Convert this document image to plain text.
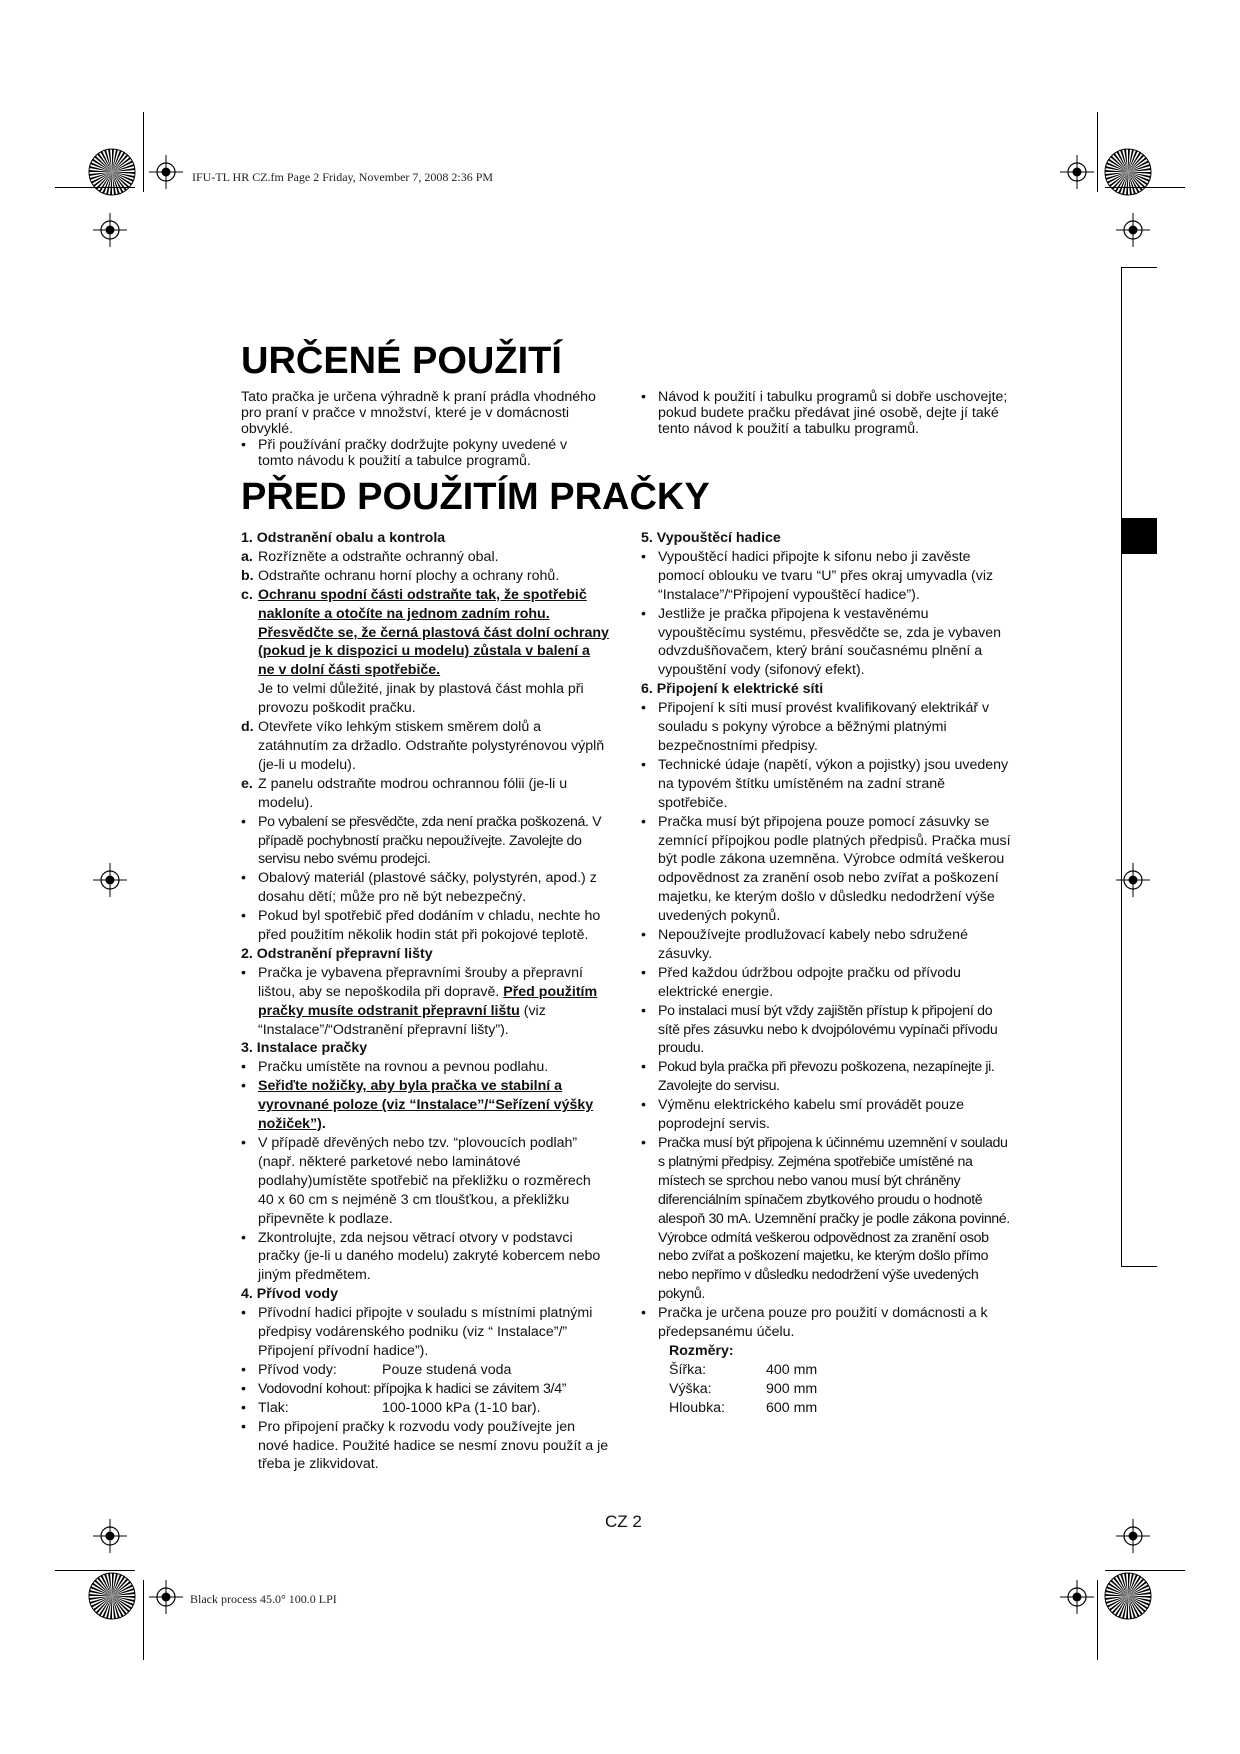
IFU-TL HR CZ.fm Page 2 Friday, November 7, 2008 2:36 PM
Black process 45.0° 100.0 LPI
URČENÉ POUŽITÍ

Tato pračka je určena výhradně k praní prádla vhodného pro praní v pračce v množství, které je v domácnosti obvyklé.

• Při používání pračky dodržujte pokyny uvedené v tomto návodu k použití a tabulce programů.

• Návod k použití i tabulku programů si dobře uschovejte; pokud budete pračku předávat jiné osobě, dejte jí také tento návod k použití a tabulku programů.

PŘED POUŽITÍM PRAČKY

1. Odstranění obalu a kontrola

a. Rozřízněte a odstraňte ochranný obal.

b. Odstraňte ochranu horní plochy a ochrany rohů.

c. Ochranu spodní části odstraňte tak, že spotřebič nakloníte a otočíte na jednom zadním rohu. Přesvědčte se, že černá plastová část dolní ochrany (pokud je k dispozici u modelu) zůstala v balení a ne v dolní části spotřebiče.
Je to velmi důležité, jinak by plastová část mohla při provozu poškodit pračku.

d. Otevřete víko lehkým stiskem směrem dolů a zatáhnutím za držadlo. Odstraňte polystyrénovou výplň (je-li u modelu).

e. Z panelu odstraňte modrou ochrannou fólii (je-li u modelu).

• Po vybalení se přesvědčte, zda není pračka poškozená. V případě pochybností pračku nepoužívejte. Zavolejte do servisu nebo svému prodejci.

• Obalový materiál (plastové sáčky, polystyrén, apod.) z dosahu dětí; může pro ně být nebezpečný.

• Pokud byl spotřebič před dodáním v chladu, nechte ho před použitím několik hodin stát při pokojové teplotě.

2. Odstranění přepravní lišty

• Pračka je vybavena přepravními šrouby a přepravní lištou, aby se nepoškodila při dopravě. Před použitím pračky musíte odstranit přepravní lištu (viz “Instalace”/“Odstranění přepravní lišty”).

3. Instalace pračky

• Pračku umístěte na rovnou a pevnou podlahu.

• Seřiďte nožičky, aby byla pračka ve stabilní a vyrovnané poloze (viz “Instalace”/“Seřízení výšky nožiček”).

• V případě dřevěných nebo tzv. “plovoucích podlah” (např. některé parketové nebo laminátové podlahy)umístěte spotřebič na překližku o rozměrech 40 x 60 cm s nejméně 3 cm tloušťkou, a překližku připevněte k podlaze.

• Zkontrolujte, zda nejsou větrací otvory v podstavci pračky (je-li u daného modelu) zakryté kobercem nebo jiným předmětem.

4. Přívod vody

• Přívodní hadici připojte v souladu s místními platnými předpisy vodárenského podniku (viz “ Instalace”/” Připojení přívodní hadice”).

• Přívod vody:	Pouze studená voda

• Vodovodní kohout: přípojka k hadici se závitem 3/4”

• Tlak:	100-1000 kPa (1-10 bar).

• Pro připojení pračky k rozvodu vody používejte jen nové hadice. Použité hadice se nesmí znovu použít a je třeba je zlikvidovat.

5. Vypouštěcí hadice

• Vypouštěcí hadici připojte k sifonu nebo ji zavěste pomocí oblouku ve tvaru “U” přes okraj umyvadla (viz “Instalace”/“Připojení vypouštěcí hadice”).

• Jestliže je pračka připojena k vestavěnému vypouštěcímu systému, přesvědčte se, zda je vybaven odvzdušňovačem, který brání současnému plnění a vypouštění vody (sifonový efekt).

6. Připojení k elektrické síti

• Připojení k síti musí provést kvalifikovaný elektrikář v souladu s pokyny výrobce a běžnými platnými bezpečnostními předpisy.

• Technické údaje (napětí, výkon a pojistky) jsou uvedeny na typovém štítku umístěném na zadní straně spotřebiče.

• Pračka musí být připojena pouze pomocí zásuvky se zemnící přípojkou podle platných předpisů. Pračka musí být podle zákona uzemněna. Výrobce odmítá veškerou odpovědnost za zranění osob nebo zvířat a poškození majetku, ke kterým došlo v důsledku nedodržení výše uvedených pokynů.

• Nepoužívejte prodlužovací kabely nebo sdružené zásuvky.

• Před každou údržbou odpojte pračku od přívodu elektrické energie.

• Po instalaci musí být vždy zajištěn přístup k připojení do sítě přes zásuvku nebo k dvojpólovému vypínači přívodu proudu.

• Pokud byla pračka při převozu poškozena, nezapínejte ji. Zavolejte do servisu.

• Výměnu elektrického kabelu smí provádět pouze poprodejní servis.

• Pračka musí být připojena k účinnému uzemnění v souladu s platnými předpisy. Zejména spotřebiče umístěné na místech se sprchou nebo vanou musí být chráněny diferenciálním spínačem zbytkového proudu o hodnotě alespoň 30 mA. Uzemnění pračky je podle zákona povinné. Výrobce odmítá veškerou odpovědnost za zranění osob nebo zvířat a poškození majetku, ke kterým došlo přímo nebo nepřímo v důsledku nedodržení výše uvedených pokynů.

• Pračka je určena pouze pro použití v domácnosti a k předepsanému účelu.

Rozměry:

Šířka:	400 mm
Výška:	900 mm
Hloubka:	600 mm
CZ 2
